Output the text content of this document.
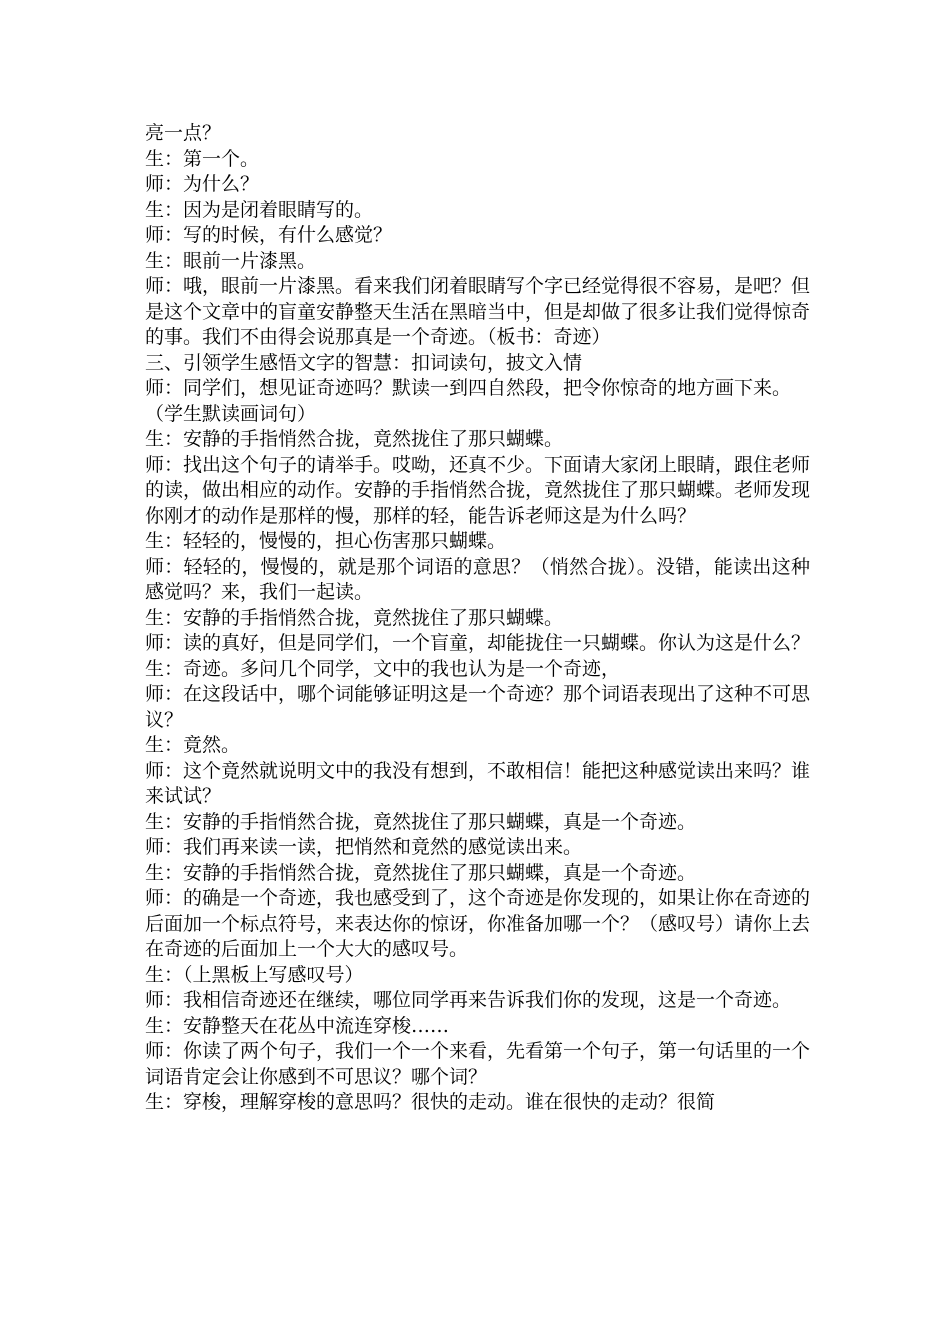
亮一点？

生：第一个。

师：为什么？

生：因为是闭着眼睛写的。

师：写的时候，有什么感觉？

生：眼前一片漆黑。

师：哦，眼前一片漆黑。看来我们闭着眼睛写个字已经觉得很不容易，是吧？但是这个文章中的盲童安静整天生活在黑暗当中，但是却做了很多让我们觉得惊奇的事。我们不由得会说那真是一个奇迹。（板书：奇迹）

三、引领学生感悟文字的智慧：扣词读句，披文入情

师：同学们，想见证奇迹吗？默读一到四自然段，把令你惊奇的地方画下来。

（学生默读画词句）

生：安静的手指悄然合拢，竟然拢住了那只蝴蝶。

师：找出这个句子的请举手。哎呦，还真不少。下面请大家闭上眼睛，跟住老师的读，做出相应的动作。安静的手指悄然合拢，竟然拢住了那只蝴蝶。老师发现你刚才的动作是那样的慢，那样的轻，能告诉老师这是为什么吗？

生：轻轻的，慢慢的，担心伤害那只蝴蝶。

师：轻轻的，慢慢的，就是那个词语的意思？（悄然合拢）。没错，能读出这种感觉吗？来，我们一起读。

生：安静的手指悄然合拢，竟然拢住了那只蝴蝶。

师：读的真好，但是同学们，一个盲童，却能拢住一只蝴蝶。你认为这是什么？

生：奇迹。多问几个同学，文中的我也认为是一个奇迹，

师：在这段话中，哪个词能够证明这是一个奇迹？那个词语表现出了这种不可思议？

生：竟然。

师：这个竟然就说明文中的我没有想到，不敢相信！能把这种感觉读出来吗？谁来试试？

生：安静的手指悄然合拢，竟然拢住了那只蝴蝶，真是一个奇迹。

师：我们再来读一读，把悄然和竟然的感觉读出来。

生：安静的手指悄然合拢，竟然拢住了那只蝴蝶，真是一个奇迹。

师：的确是一个奇迹，我也感受到了，这个奇迹是你发现的，如果让你在奇迹的后面加一个标点符号，来表达你的惊讶，你准备加哪一个？（感叹号）请你上去在奇迹的后面加上一个大大的感叹号。

生：（上黑板上写感叹号）

师：我相信奇迹还在继续，哪位同学再来告诉我们你的发现，这是一个奇迹。

生：安静整天在花丛中流连穿梭……

师：你读了两个句子，我们一个一个来看，先看第一个句子，第一句话里的一个词语肯定会让你感到不可思议？哪个词？

生：穿梭，理解穿梭的意思吗？很快的走动。谁在很快的走动？很简
